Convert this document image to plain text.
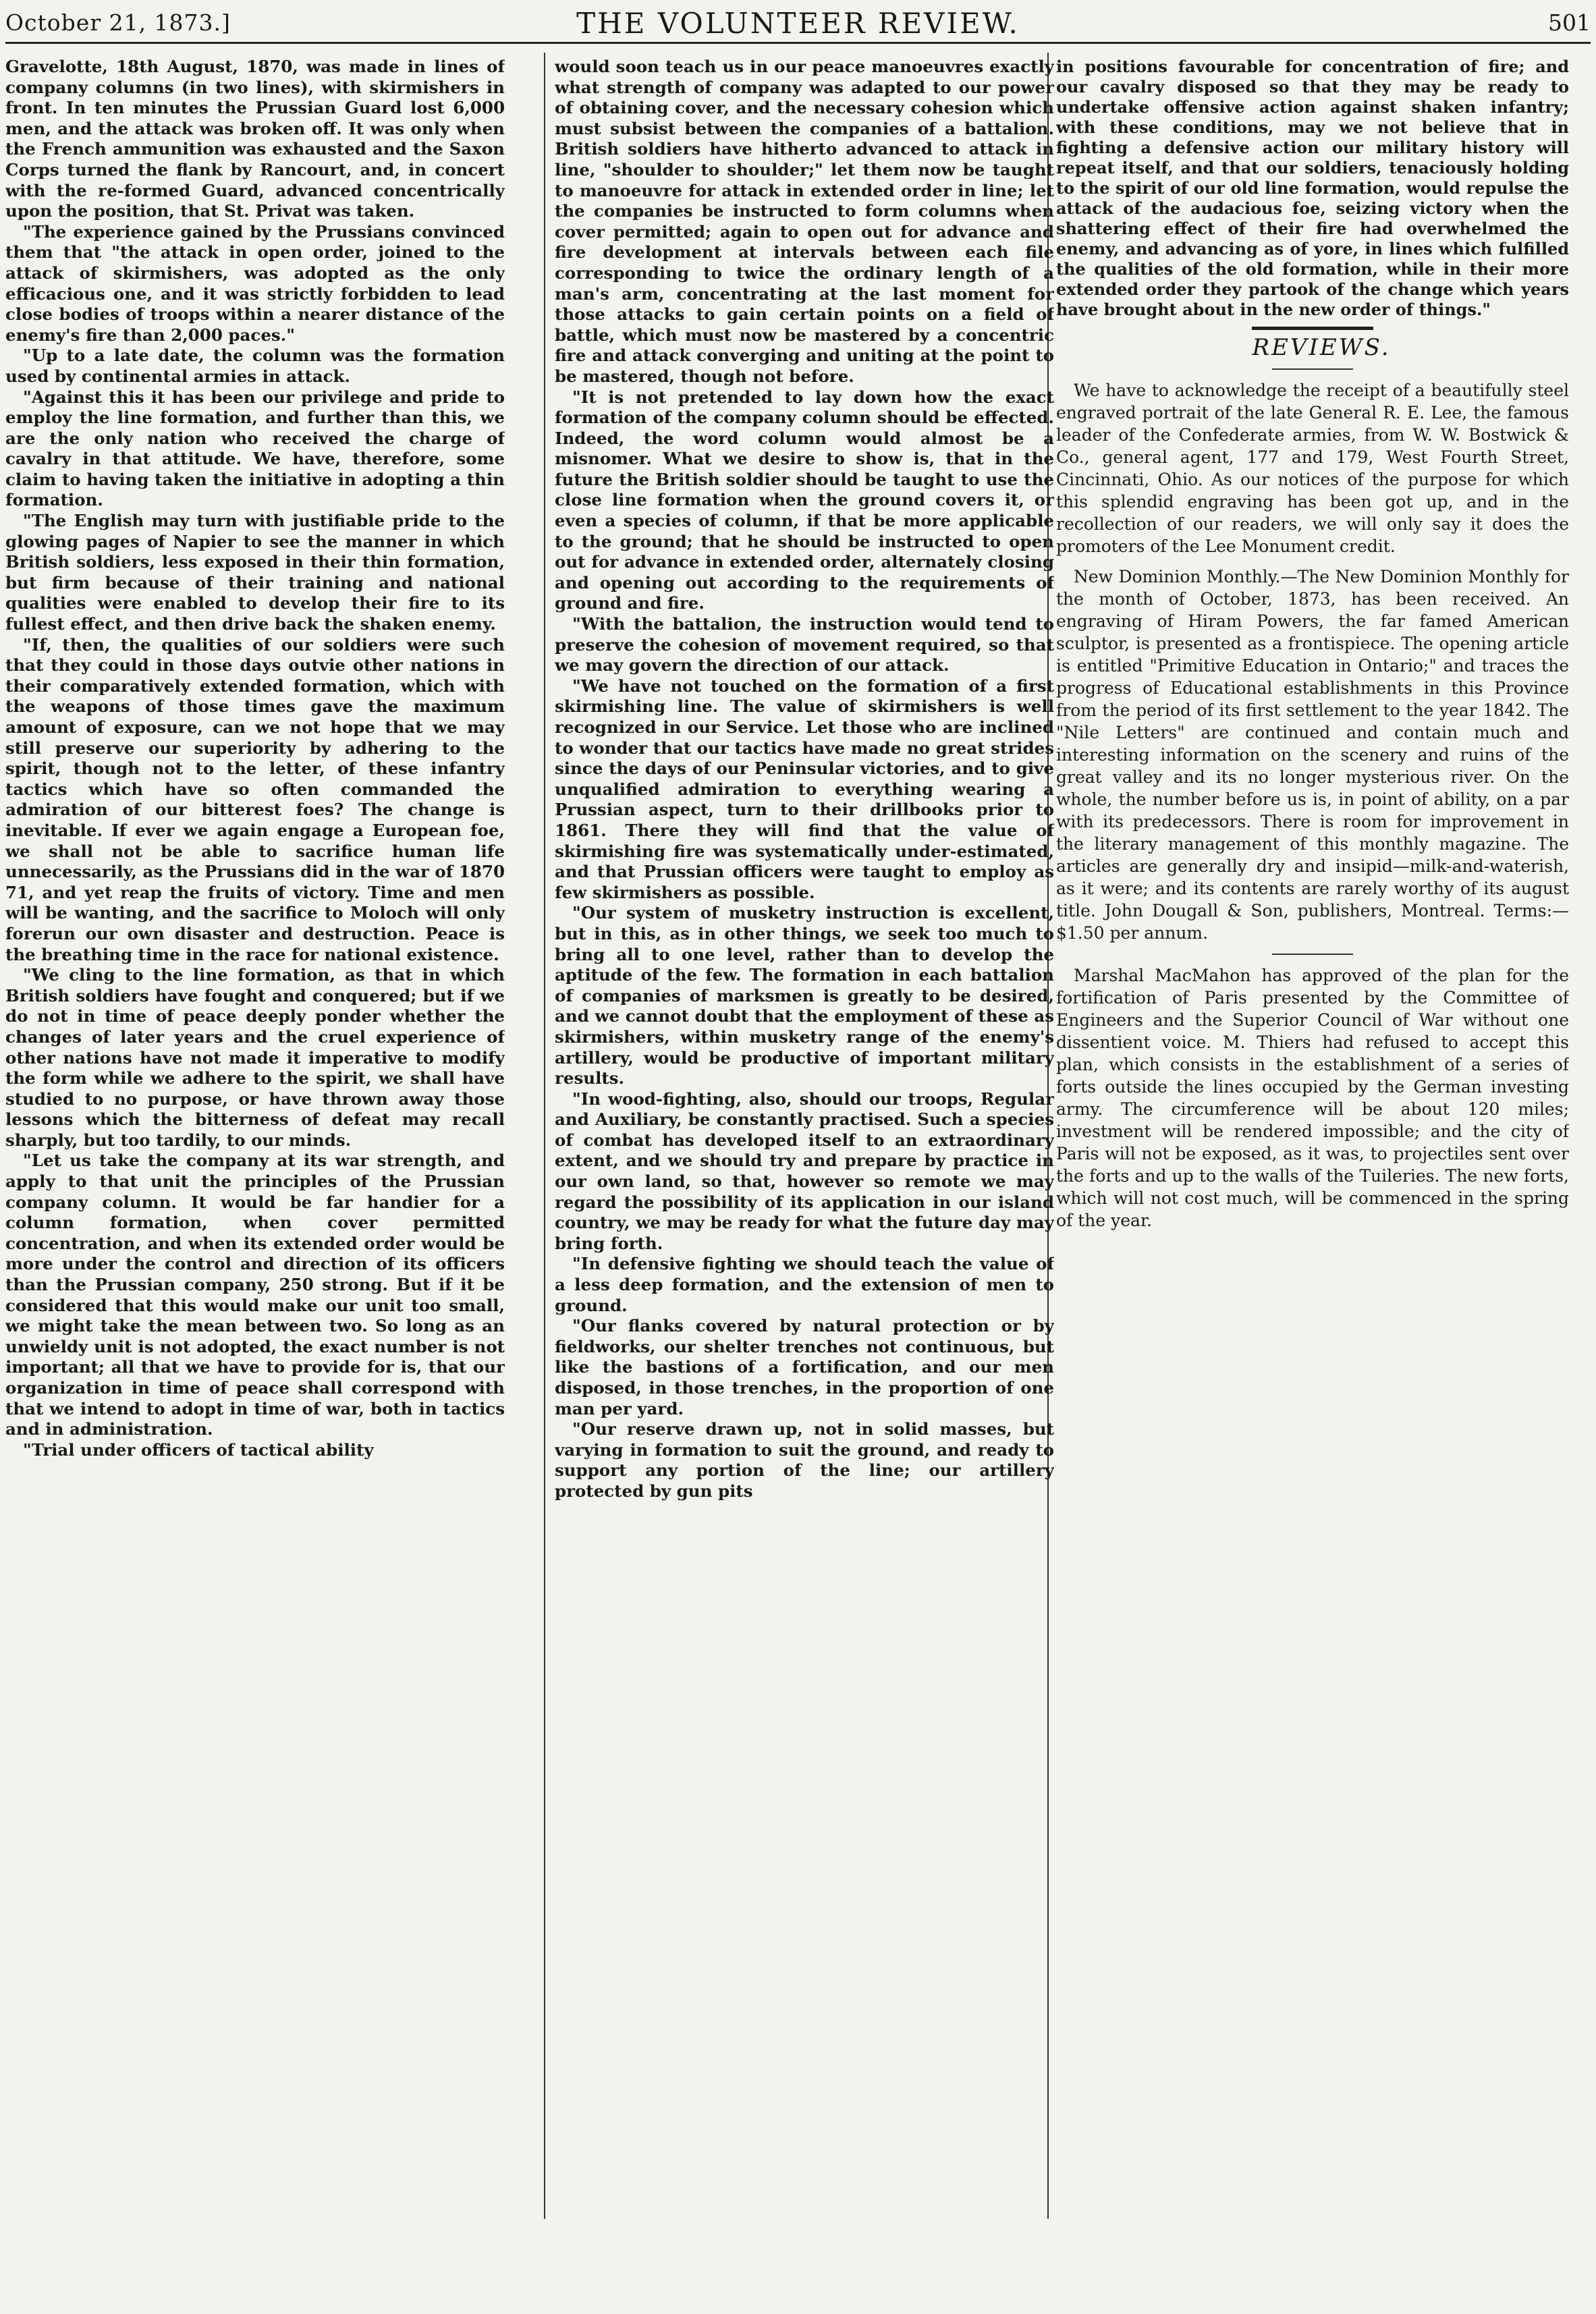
October 21, 1873.]	THE VOLUNTEER REVIEW.	501

Gravelotte, 18th August, 1870, was made in lines of company columns (in two lines), with skirmishers in front. In ten minutes the Prussian Guard lost 6,000 men, and the attack was broken off. It was only when the French ammunition was exhausted and the Saxon Corps turned the flank by Rancourt, and, in concert with the re-formed Guard, advanced concentrically upon the position, that St. Privat was taken.

"The experience gained by the Prussians convinced them that "the attack in open order, joined to the attack of skirmishers, was adopted as the only efficacious one, and it was strictly forbidden to lead close bodies of troops within a nearer distance of the enemy's fire than 2,000 paces."

"Up to a late date, the column was the formation used by continental armies in attack.

"Against this it has been our privilege and pride to employ the line formation, and further than this, we are the only nation who received the charge of cavalry in that attitude. We have, therefore, some claim to having taken the initiative in adopting a thin formation.

"The English may turn with justifiable pride to the glowing pages of Napier to see the manner in which British soldiers, less exposed in their thin formation, but firm because of their training and national qualities were enabled to develop their fire to its fullest effect, and then drive back the shaken enemy.

"If, then, the qualities of our soldiers were such that they could in those days outvie other nations in their comparatively extended formation, which with the weapons of those times gave the maximum amount of exposure, can we not hope that we may still preserve our superiority by adhering to the spirit, though not to the letter, of these infantry tactics which have so often commanded the admiration of our bitterest foes? The change is inevitable. If ever we again engage a European foe, we shall not be able to sacrifice human life unnecessarily, as the Prussians did in the war of 1870 71, and yet reap the fruits of victory. Time and men will be wanting, and the sacrifice to Moloch will only forerun our own disaster and destruction. Peace is the breathing time in the race for national existence.

"We cling to the line formation, as that in which British soldiers have fought and conquered; but if we do not in time of peace deeply ponder whether the changes of later years and the cruel experience of other nations have not made it imperative to modify the form while we adhere to the spirit, we shall have studied to no purpose, or have thrown away those lessons which the bitterness of defeat may recall sharply, but too tardily, to our minds.

"Let us take the company at its war strength, and apply to that unit the principles of the Prussian company column. It would be far handier for a column formation, when cover permitted concentration, and when its extended order would be more under the control and direction of its officers than the Prussian company, 250 strong. But if it be considered that this would make our unit too small, we might take the mean between two. So long as an unwieldy unit is not adopted, the exact number is not important; all that we have to provide for is, that our organization in time of peace shall correspond with that we intend to adopt in time of war, both in tactics and in administration.

"Trial under officers of tactical ability

would soon teach us in our peace manoeuvres exactly what strength of company was adapted to our power of obtaining cover, and the necessary cohesion which must subsist between the companies of a battalion. British soldiers have hitherto advanced to attack in line, "shoulder to shoulder;" let them now be taught to manoeuvre for attack in extended order in line; let the companies be instructed to form columns when cover permitted; again to open out for advance and fire development at intervals between each file corresponding to twice the ordinary length of a man's arm, concentrating at the last moment for those attacks to gain certain points on a field of battle, which must now be mastered by a concentric fire and attack converging and uniting at the point to be mastered, though not before.

"It is not pretended to lay down how the exact formation of the company column should be effected. Indeed, the word column would almost be a misnomer. What we desire to show is, that in the future the British soldier should be taught to use the close line formation when the ground covers it, or even a species of column, if that be more applicable to the ground; that he should be instructed to open out for advance in extended order, alternately closing and opening out according to the requirements of ground and fire.

"With the battalion, the instruction would tend to preserve the cohesion of movement required, so that we may govern the direction of our attack.

"We have not touched on the formation of a first skirmishing line. The value of skirmishers is well recognized in our Service. Let those who are inclined to wonder that our tactics have made no great strides since the days of our Peninsular victories, and to give unqualified admiration to everything wearing a Prussian aspect, turn to their drillbooks prior to 1861. There they will find that the value of skirmishing fire was systematically under-estimated, and that Prussian officers were taught to employ as few skirmishers as possible.

"Our system of musketry instruction is excellent, but in this, as in other things, we seek too much to bring all to one level, rather than to develop the aptitude of the few. The formation in each battalion of companies of marksmen is greatly to be desired, and we cannot doubt that the employment of these as skirmishers, within musketry range of the enemy's artillery, would be productive of important military results.

"In wood-fighting, also, should our troops, Regular and Auxiliary, be constantly practised. Such a species of combat has developed itself to an extraordinary extent, and we should try and prepare by practice in our own land, so that, however so remote we may regard the possibility of its application in our island country, we may be ready for what the future day may bring forth.

"In defensive fighting we should teach the value of a less deep formation, and the extension of men to ground.

"Our flanks covered by natural protection or by fieldworks, our shelter trenches not continuous, but like the bastions of a fortification, and our men disposed, in those trenches, in the proportion of one man per yard.

"Our reserve drawn up, not in solid masses, but varying in formation to suit the ground, and ready to support any portion of the line; our artillery protected by gun pits

in positions favourable for concentration of fire; and our cavalry disposed so that they may be ready to undertake offensive action against shaken infantry; with these conditions, may we not believe that in fighting a defensive action our military history will repeat itself, and that our soldiers, tenaciously holding to the spirit of our old line formation, would repulse the attack of the audacious foe, seizing victory when the shattering effect of their fire had overwhelmed the enemy, and advancing as of yore, in lines which fulfilled the qualities of the old formation, while in their more extended order they partook of the change which years have brought about in the new order of things."

REVIEWS.

We have to acknowledge the receipt of a beautifully steel engraved portrait of the late General R. E. Lee, the famous leader of the Confederate armies, from W. W. Bostwick & Co., general agent, 177 and 179, West Fourth Street, Cincinnati, Ohio. As our notices of the purpose for which this splendid engraving has been got up, and in the recollection of our readers, we will only say it does the promoters of the Lee Monument credit.

New Dominion Monthly.—The New Dominion Monthly for the month of October, 1873, has been received. An engraving of Hiram Powers, the far famed American sculptor, is presented as a frontispiece. The opening article is entitled "Primitive Education in Ontario;" and traces the progress of Educational establishments in this Province from the period of its first settlement to the year 1842. The "Nile Letters" are continued and contain much and interesting information on the scenery and ruins of the great valley and its no longer mysterious river. On the whole, the number before us is, in point of ability, on a par with its predecessors. There is room for improvement in the literary management of this monthly magazine. The articles are generally dry and insipid—milk-and-waterish, as it were; and its contents are rarely worthy of its august title. John Dougall & Son, publishers, Montreal. Terms:—$1.50 per annum.

Marshal MacMahon has approved of the plan for the fortification of Paris presented by the Committee of Engineers and the Superior Council of War without one dissentient voice. M. Thiers had refused to accept this plan, which consists in the establishment of a series of forts outside the lines occupied by the German investing army. The circumference will be about 120 miles; investment will be rendered impossible; and the city of Paris will not be exposed, as it was, to projectiles sent over the forts and up to the walls of the Tuileries. The new forts, which will not cost much, will be commenced in the spring of the year.
